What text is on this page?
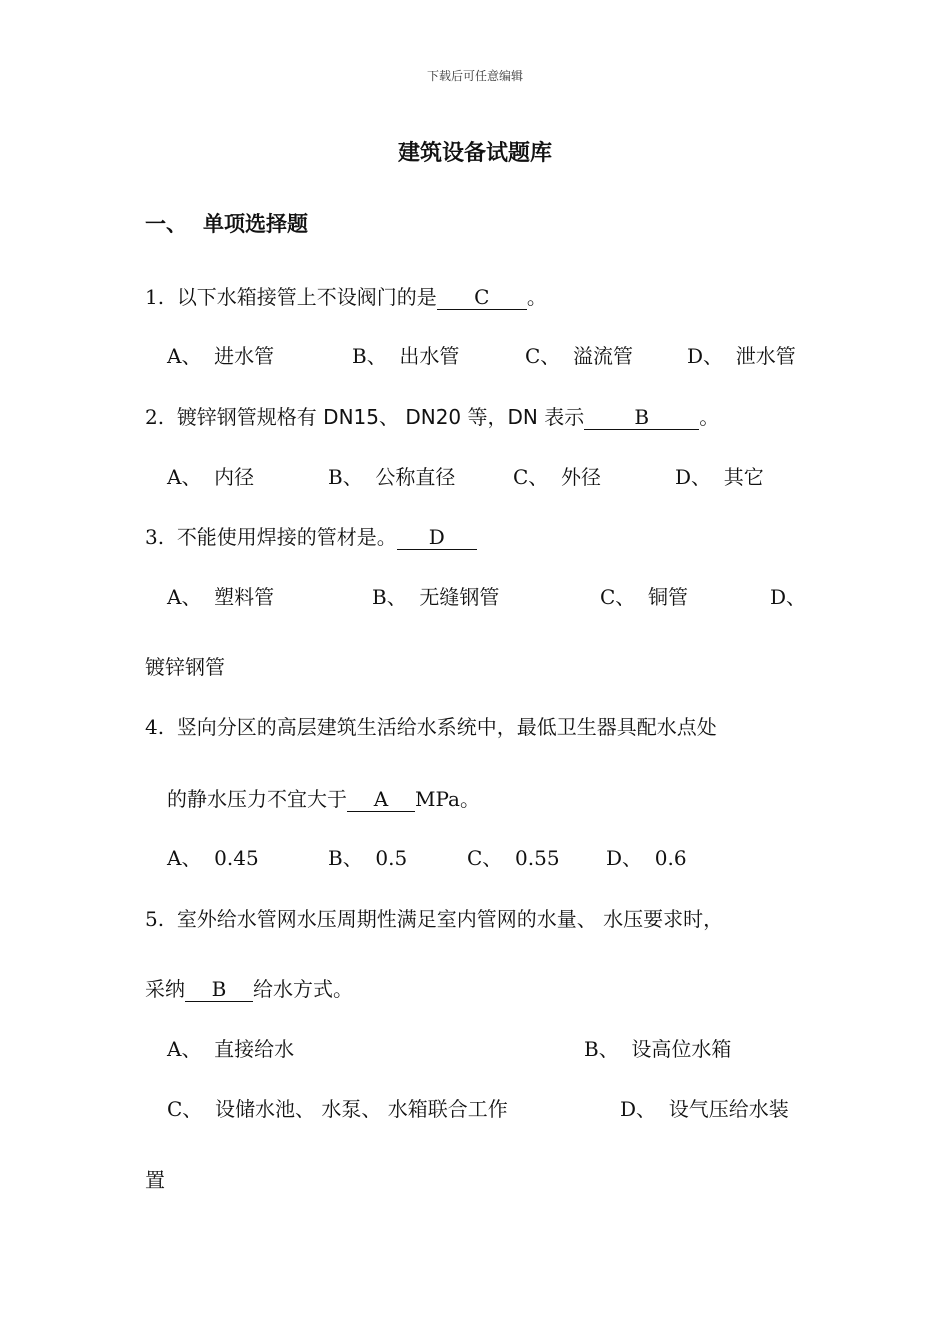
下载后可任意编辑
建筑设备试题库
一、 单项选择题
1. 以下水箱接管上不设阀门的是 C 。
A、 进水管	B、 出水管	C、 溢流管	D、 泄水管
2. 镀锌钢管规格有 DN15、 DN20 等，DN 表示	B	。
A、 内径	B、 公称直径	C、 外径	D、 其它
3. 不能使用焊接的管材是。 D
A、 塑料管	B、 无缝钢管	C、 铜管	D、
镀锌钢管
4. 竖向分区的高层建筑生活给水系统中，最低卫生器具配水点处
的静水压力不宜大于 A MPa。
A、 0.45	B、 0.5	C、 0.55 D、 0.6
5. 室外给水管网水压周期性满足室内管网的水量、 水压要求时，
采纳 B 给水方式。
A、 直接给水	B、 设高位水箱
C、 设储水池、 水泵、 水箱联合工作	D、 设气压给水装
置
